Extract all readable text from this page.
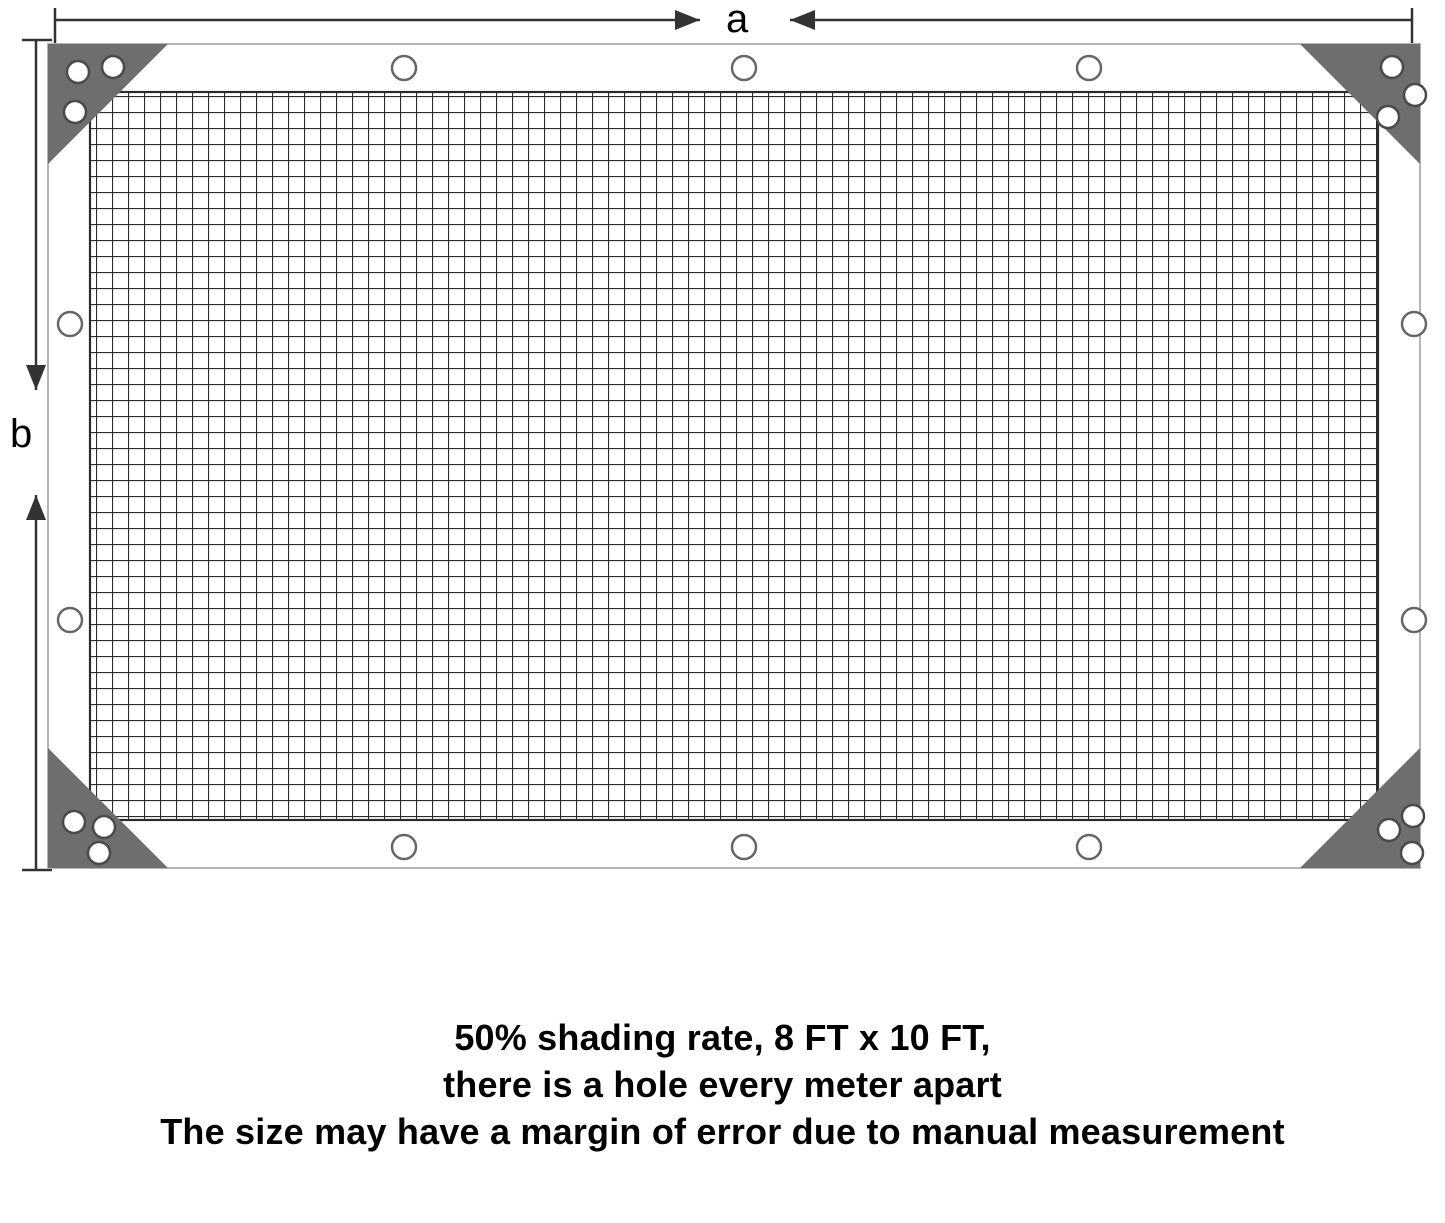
a
b
50% shading rate, 8 FT x 10 FT,
there is a hole every meter apart
The size may have a margin of error due to manual measurement
